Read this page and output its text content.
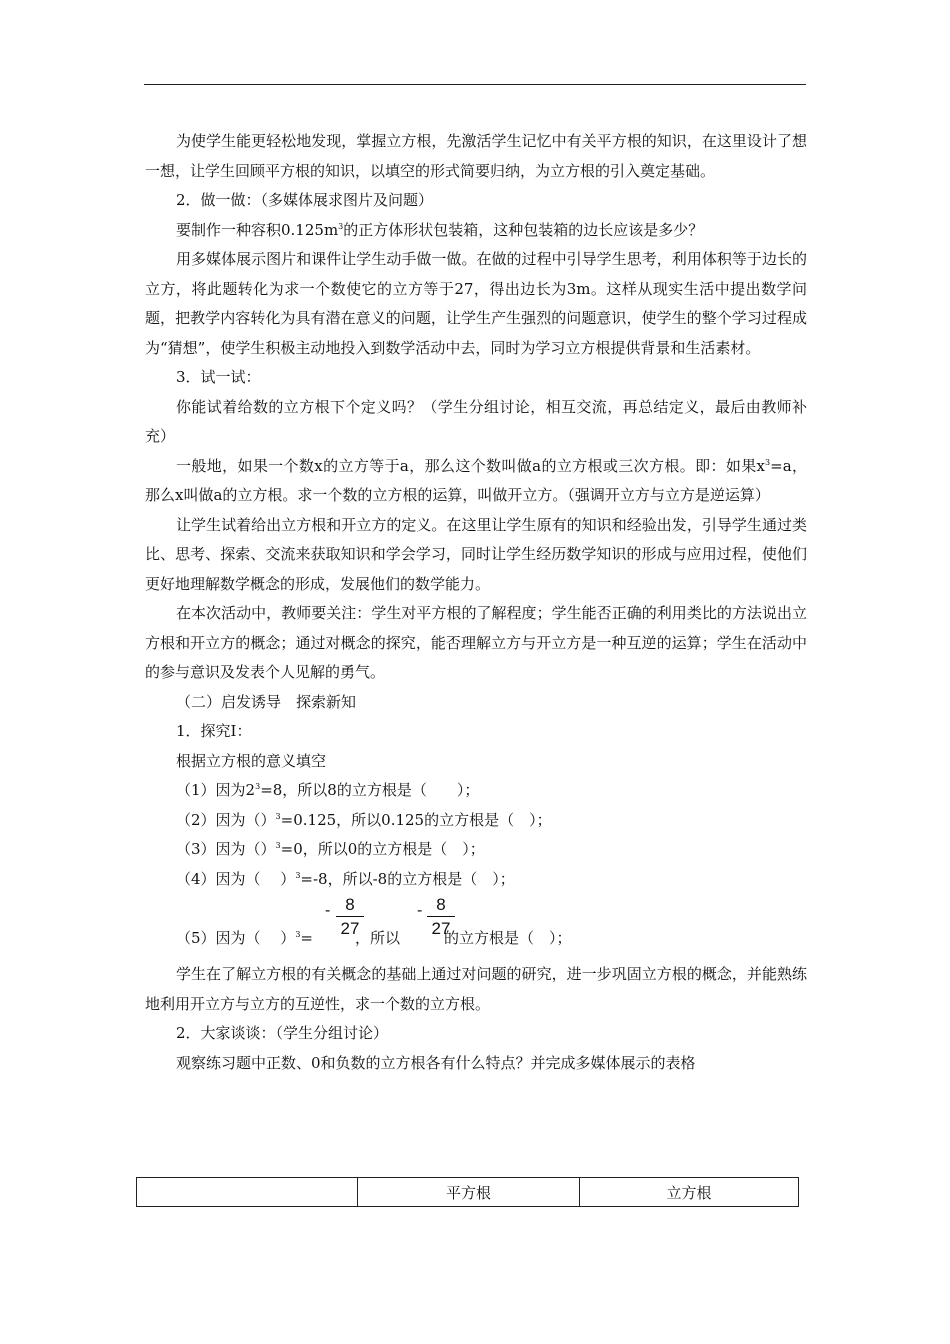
为使学生能更轻松地发现，掌握立方根，先激活学生记忆中有关平方根的知识，在这里设计了想一想，让学生回顾平方根的知识，以填空的形式简要归纳，为立方根的引入奠定基础。

2．做一做：（多媒体展求图片及问题）

要制作一种容积$0.125m^3$的正方体形状包装箱，这种包装箱的边长应该是多少？

用多媒体展示图片和课件让学生动手做一做。在做的过程中引导学生思考，利用体积等于边长的立方，将此题转化为求一个数使它的立方等于27，得出边长为3m。这样从现实生活中提出数学问题，把教学内容转化为具有潜在意义的问题，让学生产生强烈的问题意识，使学生的整个学习过程成为“猜想”，使学生积极主动地投入到数学活动中去，同时为学习立方根提供背景和生活素材。

3．试一试：

你能试着给数的立方根下个定义吗？（学生分组讨论，相互交流，再总结定义，最后由教师补充）

一般地，如果一个数x的立方等于a，那么这个数叫做a的立方根或三次方根。即：如果$x^3=a$，那么x叫做a的立方根。求一个数的立方根的运算，叫做开立方。（强调开立方与立方是逆运算）

让学生试着给出立方根和开立方的定义。在这里让学生原有的知识和经验出发，引导学生通过类比、思考、探索、交流来获取知识和学会学习，同时让学生经历数学知识的形成与应用过程，使他们更好地理解数学概念的形成，发展他们的数学能力。

在本次活动中，教师要关注：学生对平方根的了解程度；学生能否正确的利用类比的方法说出立方根和开立方的概念；通过对概念的探究，能否理解立方与开立方是一种互逆的运算；学生在活动中的参与意识及发表个人见解的勇气。

（二）启发诱导　探索新知

1．探究Ⅰ：

根据立方根的意义填空

（1）因为$2^3=8$，所以8的立方根是（　　）；

（2）因为（）$^3$=0.125，所以0.125的立方根是（　）；

（3）因为（）$^3$=0，所以0的立方根是（　）；

（4）因为（　 ）$^3$=-8，所以-8的立方根是（　）；

（5）因为（　 ）$^3$=	，所以	的立方根是（　）；

- $\frac{8}{27}$	- $\frac{8}{27}$

学生在了解立方根的有关概念的基础上通过对问题的研究，进一步巩固立方根的概念，并能熟练地利用开立方与立方的互逆性，求一个数的立方根。

2．大家谈谈：（学生分组讨论）

观察练习题中正数、0和负数的立方根各有什么特点？并完成多媒体展示的表格

	平方根	立方根
